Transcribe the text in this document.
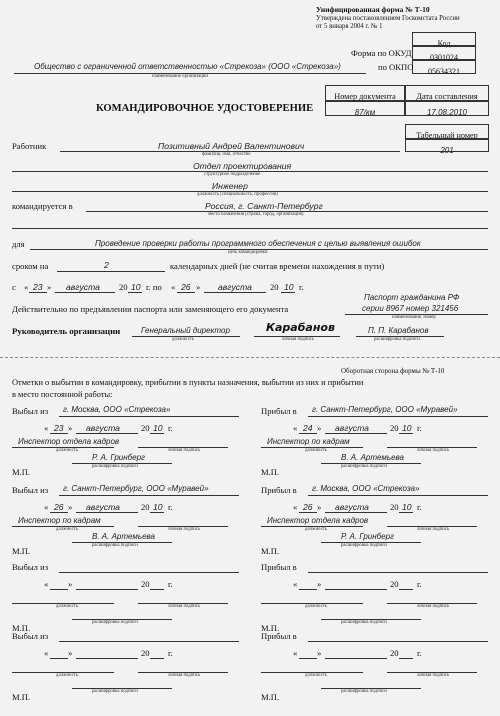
Унифицированная форма № Т-10
Утверждена постановлением Госкомстата России
от 5 января 2004 г. № 1
Код
0301024
05634321
Форма по ОКУД
по ОКПО
Общество с ограниченной ответственностью «Стрекоза» (ООО «Стрекоза»)
наименование организации
Номер документа	Дата составления
87/км	17.08.2010
КОМАНДИРОВОЧНОЕ УДОСТОВЕРЕНИЕ
Табельный номер
201
Работник	Позитивный Андрей Валентинович
фамилия, имя, отчество
Отдел проектирования
структурное подразделение
Инженер
должность (специальность, профессия)
командируется в	Россия, г. Санкт-Петербург
место назначения (страна, город, организация)
для	Проведение проверки работы программного обеспечения с целью выявления ошибок
цель командировки
сроком на	2	календарных дней (не считая времени нахождения в пути)
с « 23 » августа 20 10 г. по « 26 » августа 20 10 г.
Действительно по предъявлении паспорта или заменяющего его документа
Паспорт гражданина РФ
серии 8967 номер 321456
наименование, номер
Руководитель организации	Генеральный директор
должность
Карабанов
личная подпись
П. П. Карабанов
расшифровка подписи
Оборотная сторона формы № Т-10
Отметки о выбытии в командировку, прибытии в пункты назначения, выбытии из них и прибытии
в место постоянной работы:
Выбыл из г. Москва, ООО «Стрекоза»
« 23 » августа 20 10 г.
Инспектор отдела кадров
должность	личная подпись
Р. А. Гринберг
расшифровка подписи
М.П.
Прибыл в г. Санкт-Петербург, ООО «Муравей»
« 24 » августа 20 10 г.
Инспектор по кадрам
должность	личная подпись
В. А. Артемьева
расшифровка подписи
М.П.
Выбыл из г. Санкт-Петербург, ООО «Муравей»
« 26 » августа 20 10 г.
Инспектор по кадрам
должность	личная подпись
В. А. Артемьева
расшифровка подписи
М.П.
Прибыл в г. Москва, ООО «Стрекоза»
« 26 » августа 20 10 г.
Инспектор отдела кадров
должность	личная подпись
Р. А. Гринберг
расшифровка подписи
М.П.
Выбыл из
« »	20 г.
должность	личная подпись
расшифровка подписи
М.П.
Прибыл в
« »	20 г.
должность	личная подпись
расшифровка подписи
М.П.
Выбыл из
« »	20 г.
должность	личная подпись
расшифровка подписи
М.П.
Прибыл в
« »	20 г.
должность	личная подпись
расшифровка подписи
М.П.
